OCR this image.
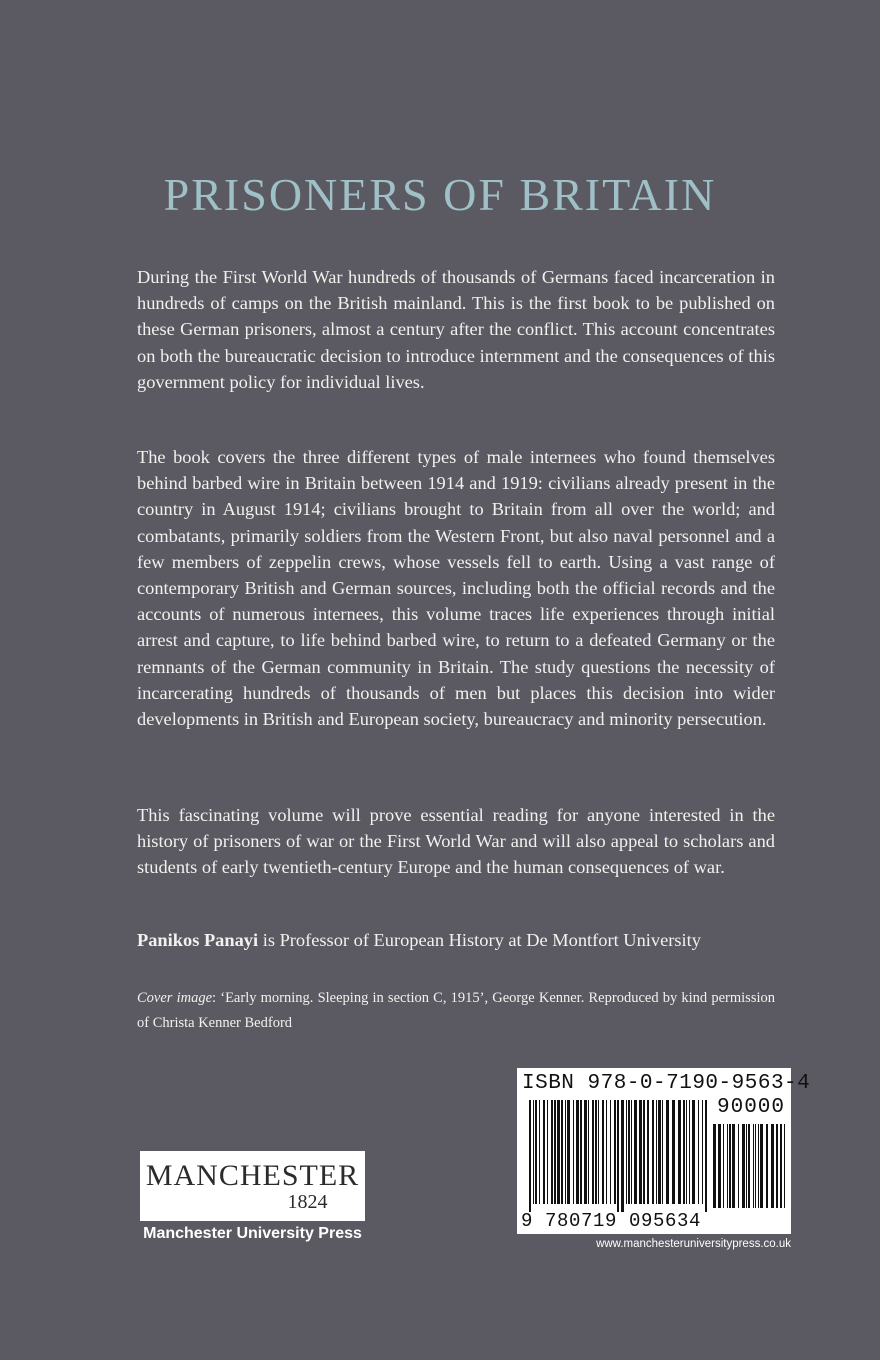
PRISONERS OF BRITAIN

During the First World War hundreds of thousands of Germans faced incarceration in hundreds of camps on the British mainland. This is the first book to be published on these German prisoners, almost a century after the conflict. This account concentrates on both the bureaucratic decision to introduce internment and the consequences of this government policy for individual lives.

The book covers the three different types of male internees who found themselves behind barbed wire in Britain between 1914 and 1919: civilians already present in the country in August 1914; civilians brought to Britain from all over the world; and combatants, primarily soldiers from the Western Front, but also naval personnel and a few members of zeppelin crews, whose vessels fell to earth. Using a vast range of contemporary British and German sources, including both the official records and the accounts of numerous internees, this volume traces life experiences through initial arrest and capture, to life behind barbed wire, to return to a defeated Germany or the remnants of the German community in Britain. The study questions the necessity of incarcerating hundreds of thousands of men but places this decision into wider developments in British and European society, bureaucracy and minority persecution.

This fascinating volume will prove essential reading for anyone interested in the history of prisoners of war or the First World War and will also appeal to scholars and students of early twentieth-century Europe and the human consequences of war.

Panikos Panayi is Professor of European History at De Montfort University

Cover image: ‘Early morning. Sleeping in section C, 1915’, George Kenner. Reproduced by kind permission of Christa Kenner Bedford

MANCHESTER
1824
Manchester University Press
ISBN 978-0-7190-9563-4
90000
9 780719 095634
www.manchesteruniversitypress.co.uk
